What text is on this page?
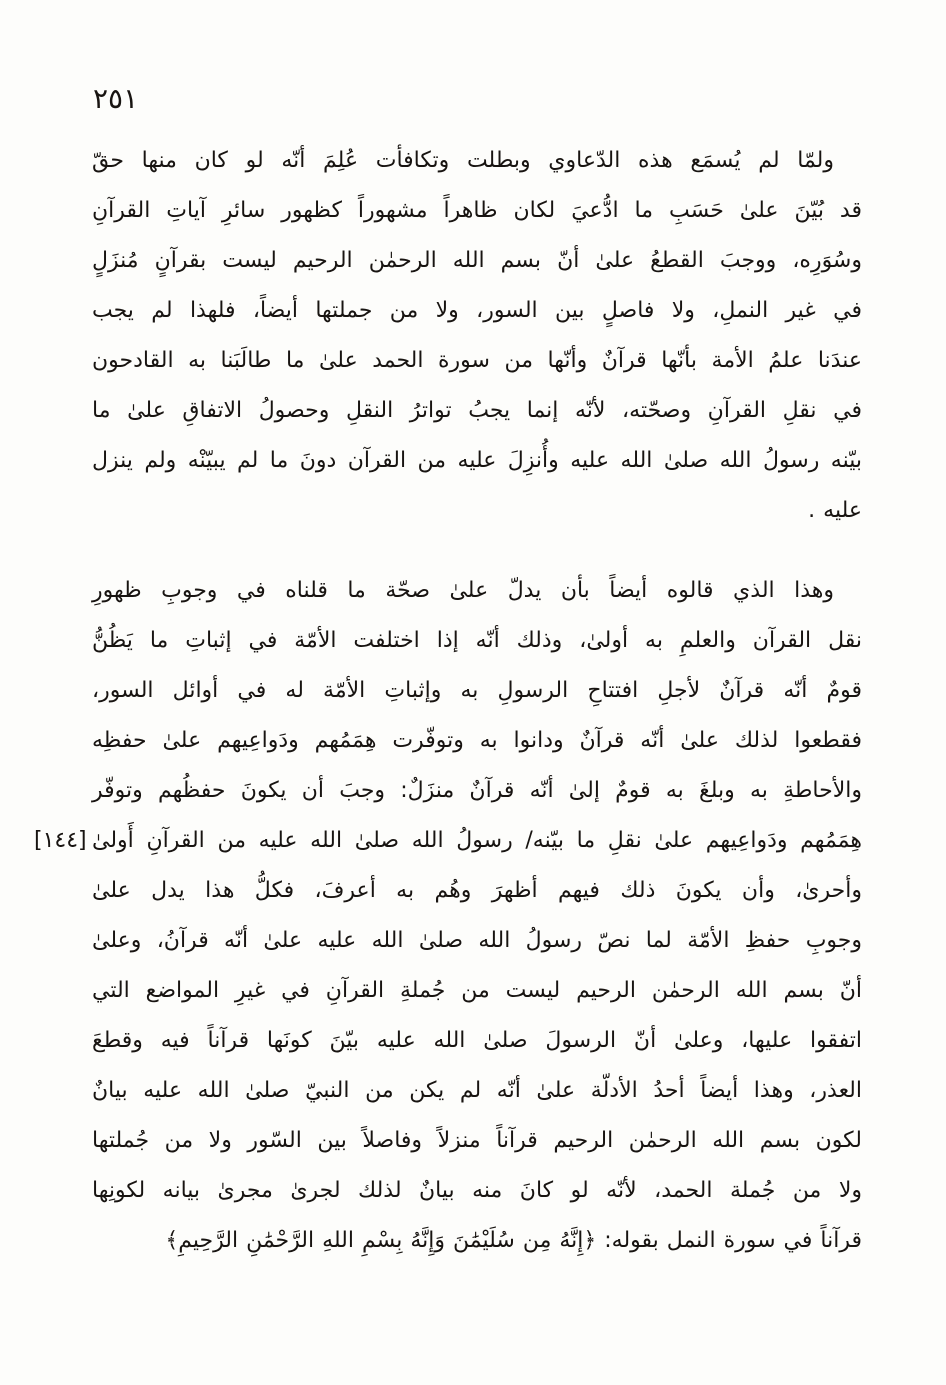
٢٥١
ولمّا لم يُسمَع هذه الدّعاوي وبطلت وتكافأت عُلِمَ أنّه لو كان منها حقّ
قد بُيّنَ علىٰ حَسَبِ ما ادُّعيَ لكان ظاهراً مشهوراً كظهور سائرِ آياتِ القرآنِ
وسُوَرِه، ووجبَ القطعُ علىٰ أنّ بسم الله الرحمٰن الرحيم ليست بقرآنٍ مُنزَلٍ
في غير النملِ، ولا فاصلٍ بين السور، ولا من جملتها أيضاً، فلهذا لم يجب
عندَنا علمُ الأمة بأنّها قرآنٌ وأنّها من سورة الحمد علىٰ ما طالَبَنا به القادحون
في نقلِ القرآنِ وصحّته، لأنّه إنما يجبُ تواترُ النقلِ وحصولُ الاتفاقِ علىٰ ما
بيّنه رسولُ الله صلىٰ الله عليه وأُنزِلَ عليه من القرآن دونَ ما لم يبيّنْه ولم ينزل
عليه .
وهذا الذي قالوه أيضاً بأن يدلّ علىٰ صحّة ما قلناه في وجوبِ ظهورِ
نقل القرآن والعلمِ به أولىٰ، وذلك أنّه إذا اختلفت الأمّة في إثباتِ ما يَظُنُّ
قومٌ أنّه قرآنٌ لأجلِ افتتاحِ الرسولِ به وإثباتِ الأمّة له في أوائل السور،
فقطعوا لذلك علىٰ أنّه قرآنٌ ودانوا به وتوفّرت هِمَمُهم ودَواعِيهم علىٰ حفظِه
والأحاطةِ به وبلغَ به قومٌ إلىٰ أنّه قرآنٌ منزَلٌ: وجبَ أن يكونَ حفظُهم وتوفّر
هِمَمُهم ودَواعِيهم علىٰ نقلِ ما بيّنه/ رسولُ الله صلىٰ الله عليه من القرآنِ أَولىٰ
[١٤٤]
وأحرىٰ، وأن يكونَ ذلك فيهم أظهرَ وهُم به أعرفَ، فكلُّ هذا يدل علىٰ
وجوبِ حفظِ الأمّة لما نصّ رسولُ الله صلىٰ الله عليه علىٰ أنّه قرآنُ، وعلىٰ
أنّ بسم الله الرحمٰن الرحيم ليست من جُملةِ القرآنِ في غيرِ المواضع التي
اتفقوا عليها، وعلىٰ أنّ الرسولَ صلىٰ الله عليه بيّنَ كونَها قرآناً فيه وقطعَ
العذر، وهذا أيضاً أحدُ الأدلّة علىٰ أنّه لم يكن من النبيّ صلىٰ الله عليه بيانٌ
لكون بسم الله الرحمٰن الرحيم قرآناً منزلاً وفاصلاً بين السّور ولا من جُملتها
ولا من جُملة الحمد، لأنّه لو كانَ منه بيانٌ لذلك لجرىٰ مجرىٰ بيانه لكونِها
قرآناً في سورة النمل بقوله: ﴿إِنَّهُ مِن سُلَيْمَٰنَ وَإِنَّهُ بِسْمِ اللهِ الرَّحْمَٰنِ الرَّحِيمِ﴾
